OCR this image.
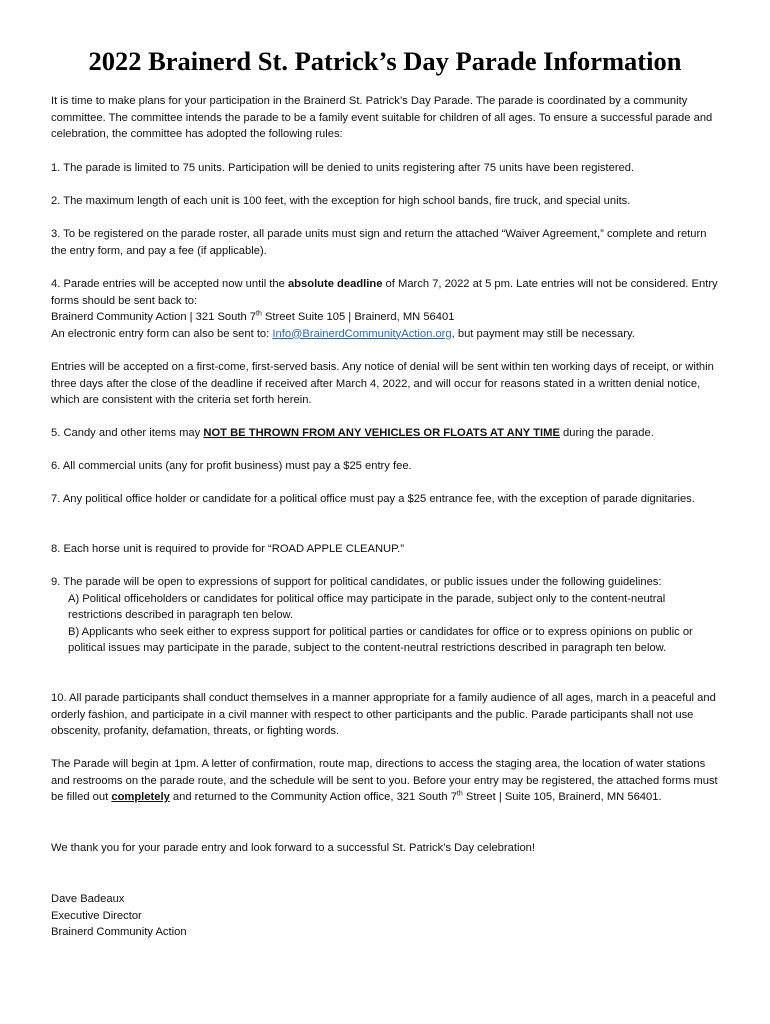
2022 Brainerd St. Patrick’s Day Parade Information

It is time to make plans for your participation in the Brainerd St. Patrick’s Day Parade. The parade is coordinated by a community committee. The committee intends the parade to be a family event suitable for children of all ages. To ensure a successful parade and celebration, the committee has adopted the following rules:

1. The parade is limited to 75 units. Participation will be denied to units registering after 75 units have been registered.

2. The maximum length of each unit is 100 feet, with the exception for high school bands, fire truck, and special units.

3. To be registered on the parade roster, all parade units must sign and return the attached “Waiver Agreement,” complete and return the entry form, and pay a fee (if applicable).

4. Parade entries will be accepted now until the absolute deadline of March 7, 2022 at 5 pm. Late entries will not be considered. Entry forms should be sent back to:
Brainerd Community Action | 321 South 7th Street Suite 105 | Brainerd, MN 56401
An electronic entry form can also be sent to: Info@BrainerdCommunityAction.org, but payment may still be necessary.

Entries will be accepted on a first-come, first-served basis. Any notice of denial will be sent within ten working days of receipt, or within three days after the close of the deadline if received after March 4, 2022, and will occur for reasons stated in a written denial notice, which are consistent with the criteria set forth herein.

5. Candy and other items may NOT BE THROWN FROM ANY VEHICLES OR FLOATS AT ANY TIME during the parade.

6. All commercial units (any for profit business) must pay a $25 entry fee.

7. Any political office holder or candidate for a political office must pay a $25 entrance fee, with the exception of parade dignitaries.

8. Each horse unit is required to provide for “ROAD APPLE CLEANUP.”

9. The parade will be open to expressions of support for political candidates, or public issues under the following guidelines:
A) Political officeholders or candidates for political office may participate in the parade, subject only to the content-neutral restrictions described in paragraph ten below.
B) Applicants who seek either to express support for political parties or candidates for office or to express opinions on public or political issues may participate in the parade, subject to the content-neutral restrictions described in paragraph ten below.

10. All parade participants shall conduct themselves in a manner appropriate for a family audience of all ages, march in a peaceful and orderly fashion, and participate in a civil manner with respect to other participants and the public. Parade participants shall not use obscenity, profanity, defamation, threats, or fighting words.

The Parade will begin at 1pm. A letter of confirmation, route map, directions to access the staging area, the location of water stations and restrooms on the parade route, and the schedule will be sent to you. Before your entry may be registered, the attached forms must be filled out completely and returned to the Community Action office, 321 South 7th Street | Suite 105, Brainerd, MN 56401.

We thank you for your parade entry and look forward to a successful St. Patrick’s Day celebration!

Dave Badeaux
Executive Director
Brainerd Community Action
